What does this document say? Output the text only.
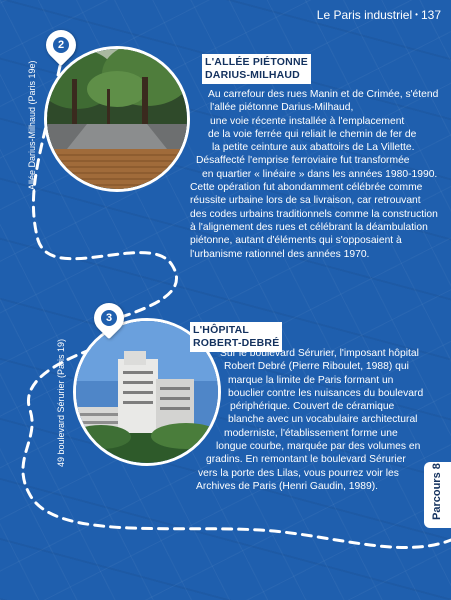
Le Paris industriel • 137
Allée Darius-Milhaud (Paris 19e)
2
L'ALLÉE PIÉTONNE
DARIUS-MILHAUD
Au carrefour des rues Manin et de Crimée, s'étend
l'allée piétonne Darius-Milhaud,
une voie récente installée à l'emplacement
de la voie ferrée qui reliait le chemin de fer de
la petite ceinture aux abattoirs de La Villette.
Désaffecté l'emprise ferroviaire fut transformée
en quartier « linéaire » dans les années 1980-1990.
Cette opération fut abondamment célébrée comme
réussite urbaine lors de sa livraison, car retrouvant
des codes urbains traditionnels comme la construction
à l'alignement des rues et célébrant la déambulation
piétonne, autant d'éléments qui s'opposaient à
l'urbanisme rationnel des années 1970.
49 boulevard Sérurier (Paris 19)
3
L'HÔPITAL
ROBERT-DEBRÉ
Sur le boulevard Sérurier, l'imposant hôpital
Robert Debré (Pierre Riboulet, 1988) qui
marque la limite de Paris formant un
bouclier contre les nuisances du boulevard
périphérique. Couvert de céramique
blanche avec un vocabulaire architectural
moderniste, l'établissement forme une
longue courbe, marquée par des volumes en
gradins. En remontant le boulevard Sérurier
vers la porte des Lilas, vous pourrez voir les
Archives de Paris (Henri Gaudin, 1989).	Parcours 8
